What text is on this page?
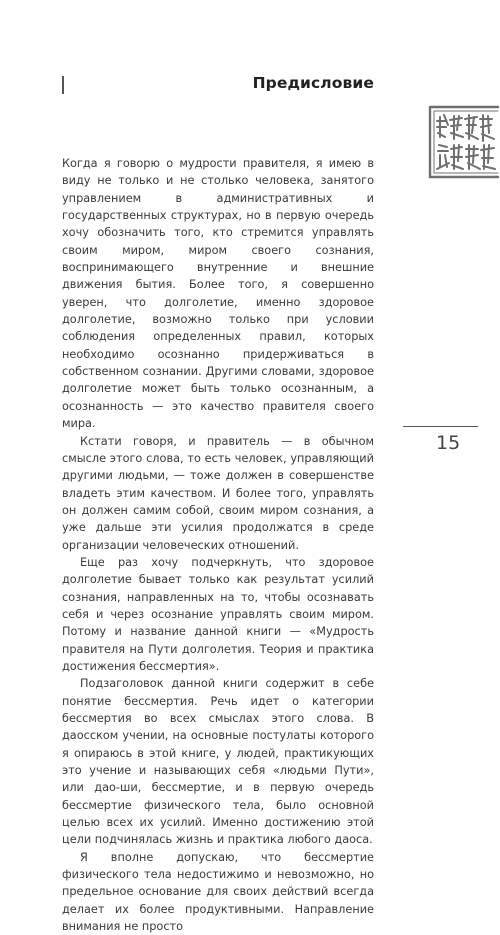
Предисловие

Когда я говорю о мудрости правителя, я имею в виду не только и не столько человека, занятого управлением в административных и государственных структурах, но в первую очередь хочу обозначить того, кто стремится управлять своим миром, миром своего сознания, воспринимающего внутренние и внешние движения бытия. Более того, я совершенно уверен, что долголетие, именно здоровое долголетие, возможно только при условии соблюдения определенных правил, которых необходимо осознанно придерживаться в собственном сознании. Другими словами, здоровое долголетие может быть только осознанным, а осознанность — это качество правителя своего мира.

Кстати говоря, и правитель — в обычном смысле этого слова, то есть человек, управляющий другими людьми, — тоже должен в совершенстве владеть этим качеством. И более того, управлять он должен самим собой, своим миром сознания, а уже дальше эти усилия продолжатся в среде организации человеческих отношений.

Еще раз хочу подчеркнуть, что здоровое долголетие бывает только как результат усилий сознания, направленных на то, чтобы осознавать себя и через осознание управлять своим миром. Потому и название данной книги — «Мудрость правителя на Пути долголетия. Теория и практика достижения бессмертия».

Подзаголовок данной книги содержит в себе понятие бессмертия. Речь идет о категории бессмертия во всех смыслах этого слова. В даосском учении, на основные постулаты которого я опираюсь в этой книге, у людей, практикующих это учение и называющих себя «людьми Пути», или дао-ши, бессмертие, и в первую очередь бессмертие физического тела, было основной целью всех их усилий. Именно достижению этой цели подчинялась жизнь и практика любого даоса.

Я вполне допускаю, что бессмертие физического тела недостижимо и невозможно, но предельное основание для своих действий всегда делает их более продуктивными. Направление внимания не просто

15
